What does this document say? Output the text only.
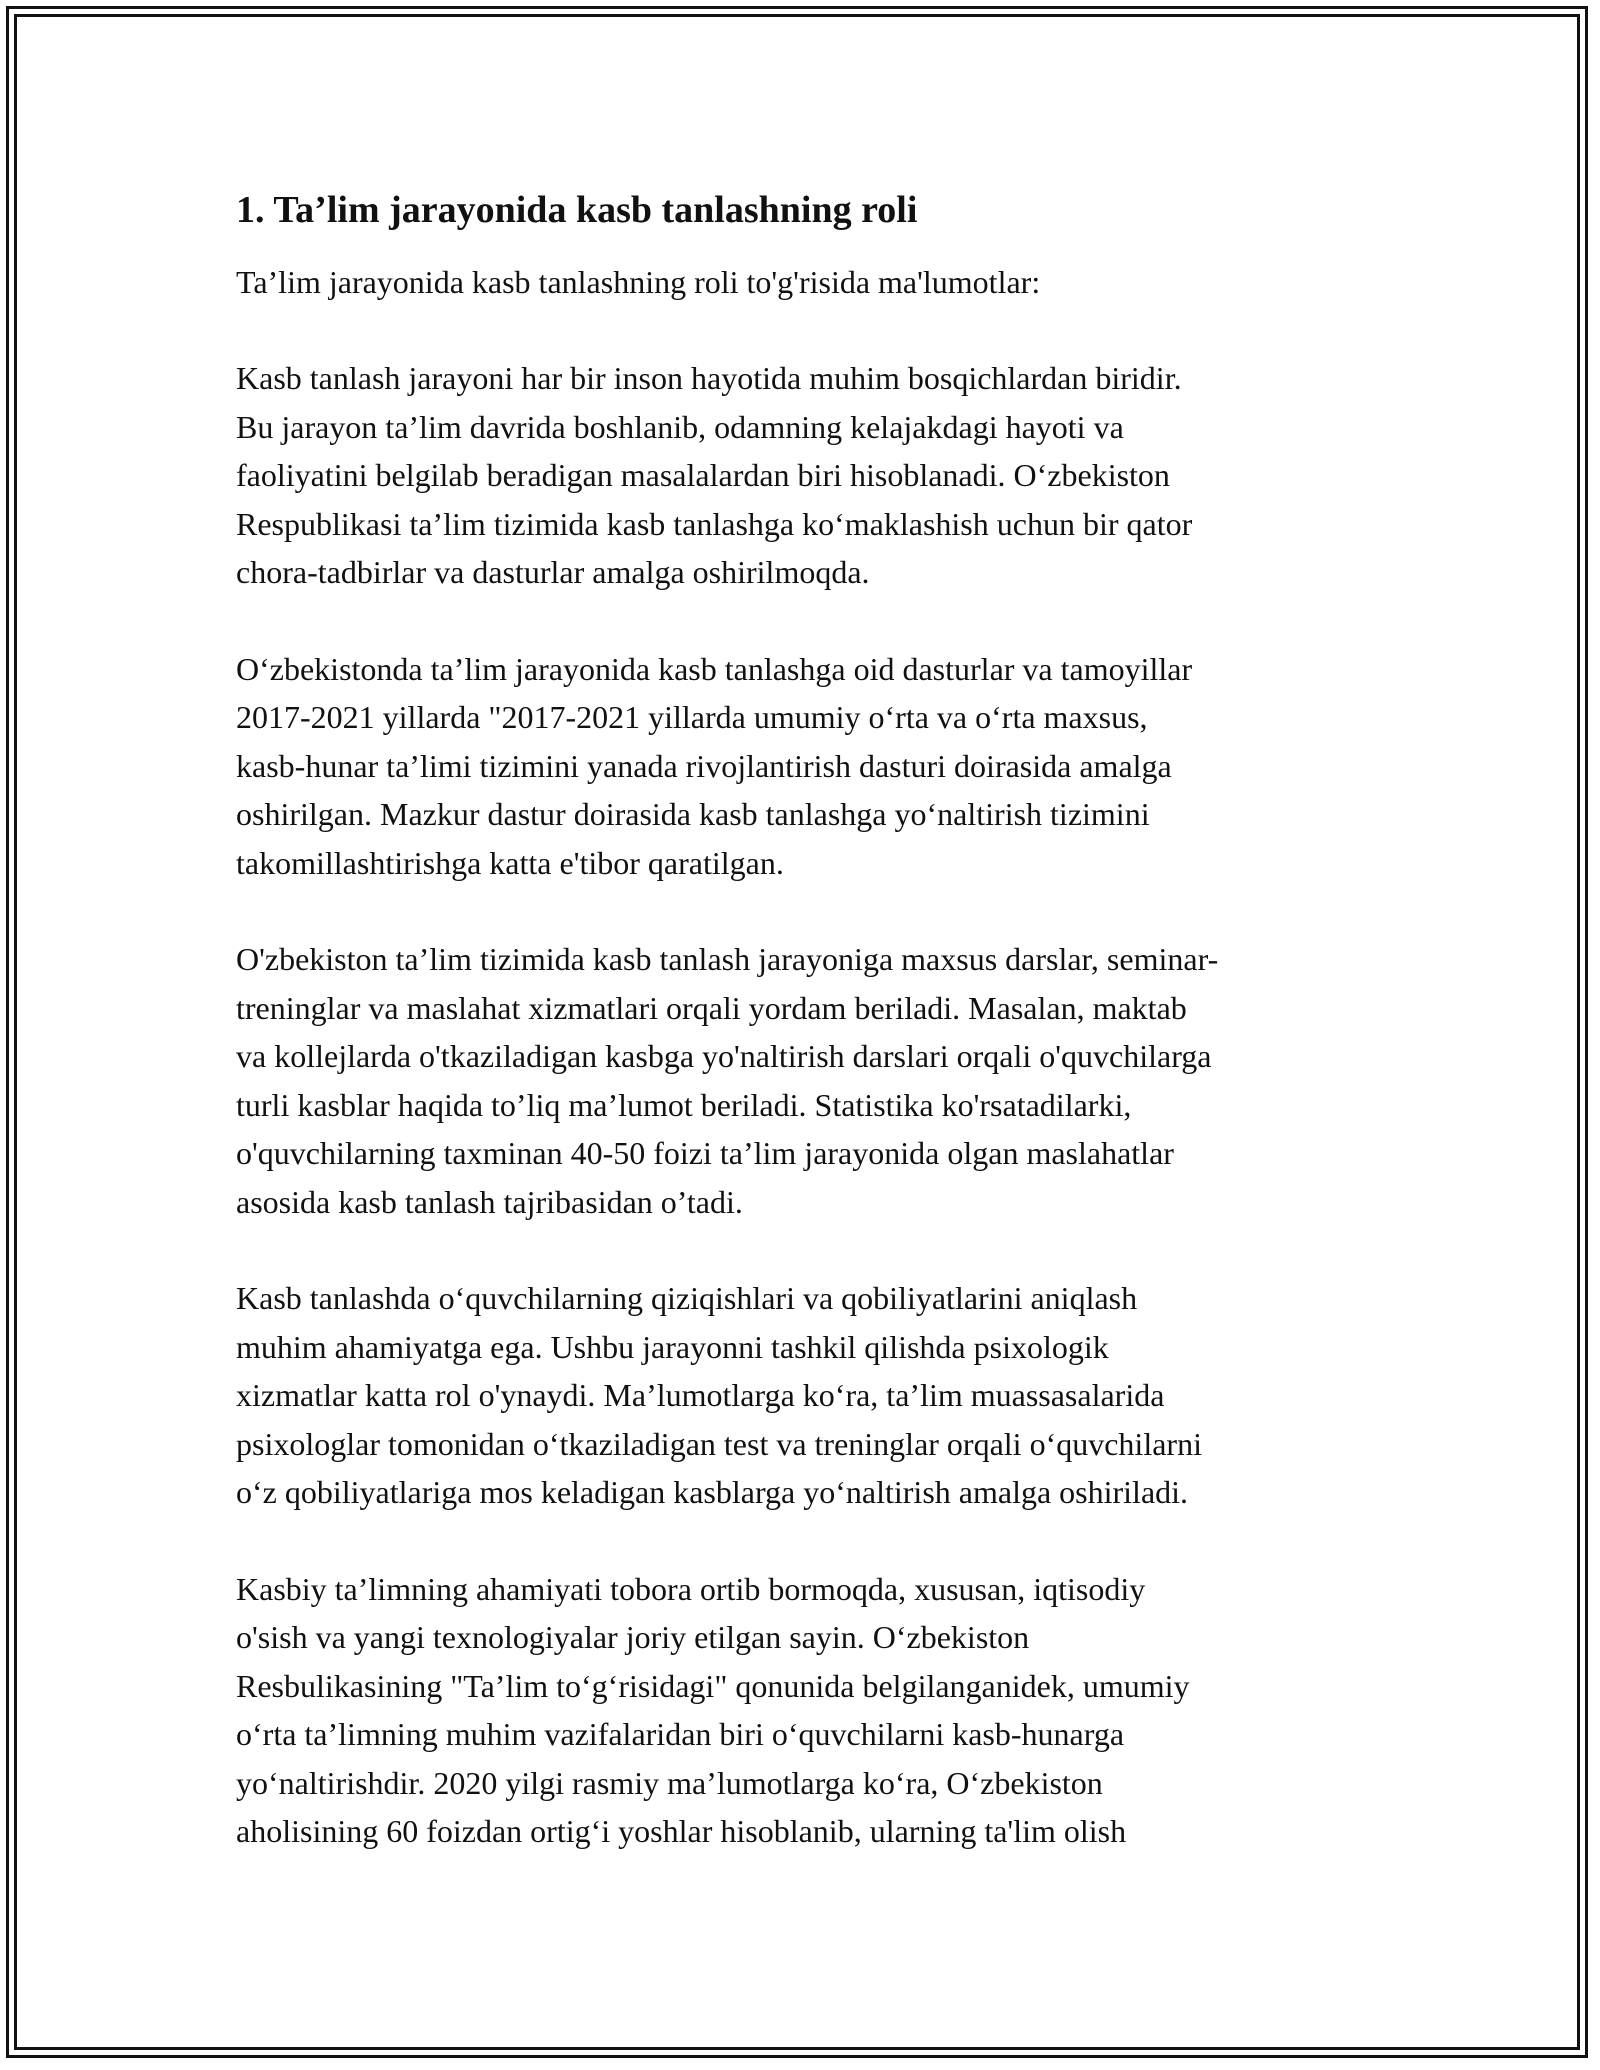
1. Ta’lim jarayonida kasb tanlashning roli

Ta’lim jarayonida kasb tanlashning roli to'g'risida ma'lumotlar:

Kasb tanlash jarayoni har bir inson hayotida muhim bosqichlardan biridir.
Bu jarayon ta’lim davrida boshlanib, odamning kelajakdagi hayoti va
faoliyatini belgilab beradigan masalalardan biri hisoblanadi. O‘zbekiston
Respublikasi ta’lim tizimida kasb tanlashga ko‘maklashish uchun bir qator
chora-tadbirlar va dasturlar amalga oshirilmoqda.
O‘zbekistonda ta’lim jarayonida kasb tanlashga oid dasturlar va tamoyillar
2017-2021 yillarda "2017-2021 yillarda umumiy o‘rta va o‘rta maxsus,
kasb-hunar ta’limi tizimini yanada rivojlantirish dasturi doirasida amalga
oshirilgan. Mazkur dastur doirasida kasb tanlashga yo‘naltirish tizimini
takomillashtirishga katta e'tibor qaratilgan.
O'zbekiston ta’lim tizimida kasb tanlash jarayoniga maxsus darslar, seminar-
treninglar va maslahat xizmatlari orqali yordam beriladi. Masalan, maktab
va kollejlarda o'tkaziladigan kasbga yo'naltirish darslari orqali o'quvchilarga
turli kasblar haqida to’liq ma’lumot beriladi. Statistika ko'rsatadilarki,
o'quvchilarning taxminan 40-50 foizi ta’lim jarayonida olgan maslahatlar
asosida kasb tanlash tajribasidan o’tadi.
Kasb tanlashda o‘quvchilarning qiziqishlari va qobiliyatlarini aniqlash
muhim ahamiyatga ega. Ushbu jarayonni tashkil qilishda psixologik
xizmatlar katta rol o'ynaydi. Ma’lumotlarga ko‘ra, ta’lim muassasalarida
psixologlar tomonidan o‘tkaziladigan test va treninglar orqali o‘quvchilarni
o‘z qobiliyatlariga mos keladigan kasblarga yo‘naltirish amalga oshiriladi.
Kasbiy ta’limning ahamiyati tobora ortib bormoqda, xususan, iqtisodiy
o'sish va yangi texnologiyalar joriy etilgan sayin. O‘zbekiston
Resbulikasining "Ta’lim to‘g‘risidagi" qonunida belgilanganidek, umumiy
o‘rta ta’limning muhim vazifalaridan biri o‘quvchilarni kasb-hunarga
yo‘naltirishdir. 2020 yilgi rasmiy ma’lumotlarga ko‘ra, O‘zbekiston
aholisining 60 foizdan ortig‘i yoshlar hisoblanib, ularning ta'lim olish
